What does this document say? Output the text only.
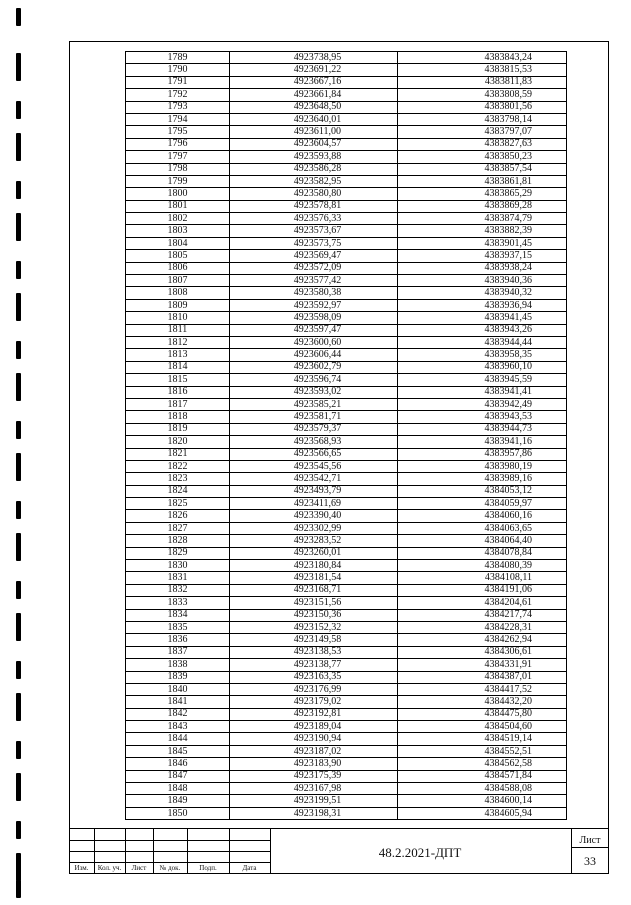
1789	4923738,95	4383843,24
1790	4923691,22	4383815,53
1791	4923667,16	4383811,83
1792	4923661,84	4383808,59
1793	4923648,50	4383801,56
1794	4923640,01	4383798,14
1795	4923611,00	4383797,07
1796	4923604,57	4383827,63
1797	4923593,88	4383850,23
1798	4923586,28	4383857,54
1799	4923582,95	4383861,81
1800	4923580,80	4383865,29
1801	4923578,81	4383869,28
1802	4923576,33	4383874,79
1803	4923573,67	4383882,39
1804	4923573,75	4383901,45
1805	4923569,47	4383937,15
1806	4923572,09	4383938,24
1807	4923577,42	4383940,36
1808	4923580,38	4383940,32
1809	4923592,97	4383936,94
1810	4923598,09	4383941,45
1811	4923597,47	4383943,26
1812	4923600,60	4383944,44
1813	4923606,44	4383958,35
1814	4923602,79	4383960,10
1815	4923596,74	4383945,59
1816	4923593,02	4383941,41
1817	4923585,21	4383942,49
1818	4923581,71	4383943,53
1819	4923579,37	4383944,73
1820	4923568,93	4383941,16
1821	4923566,65	4383957,86
1822	4923545,56	4383980,19
1823	4923542,71	4383989,16
1824	4923493,79	4384053,12
1825	4923411,69	4384059,97
1826	4923390,40	4384060,16
1827	4923302,99	4384063,65
1828	4923283,52	4384064,40
1829	4923260,01	4384078,84
1830	4923180,84	4384080,39
1831	4923181,54	4384108,11
1832	4923168,71	4384191,06
1833	4923151,56	4384204,61
1834	4923150,36	4384217,74
1835	4923152,32	4384228,31
1836	4923149,58	4384262,94
1837	4923138,53	4384306,61
1838	4923138,77	4384331,91
1839	4923163,35	4384387,01
1840	4923176,99	4384417,52
1841	4923179,02	4384432,20
1842	4923192,81	4384475,80
1843	4923189,04	4384504,60
1844	4923190,94	4384519,14
1845	4923187,02	4384552,51
1846	4923183,90	4384562,58
1847	4923175,39	4384571,84
1848	4923167,98	4384588,08
1849	4923199,51	4384600,14
1850	4923198,31	4384605,94
Изм.	Кол. уч.	Лист	№ док.	Подп.	Дата
48.2.2021-ДПТ
Лист
33
